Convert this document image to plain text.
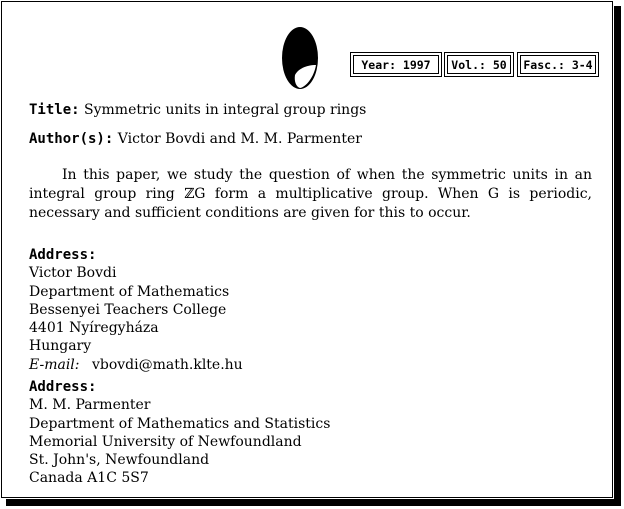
Year: 1997	Vol.: 50	Fasc.: 3-4
Title: Symmetric units in integral group rings
Author(s): Victor Bovdi and M. M. Parmenter
In this paper, we study the question of when the symmetric units in an integral group ring ℤG form a multiplicative group. When G is periodic, necessary and sufficient conditions are given for this to occur.
Address:
Victor Bovdi
Department of Mathematics
Bessenyei Teachers College
4401 Nyíregyháza
Hungary
E-mail: vbovdi@math.klte.hu
Address:
M. M. Parmenter
Department of Mathematics and Statistics
Memorial University of Newfoundland
St. John's, Newfoundland
Canada A1C 5S7
